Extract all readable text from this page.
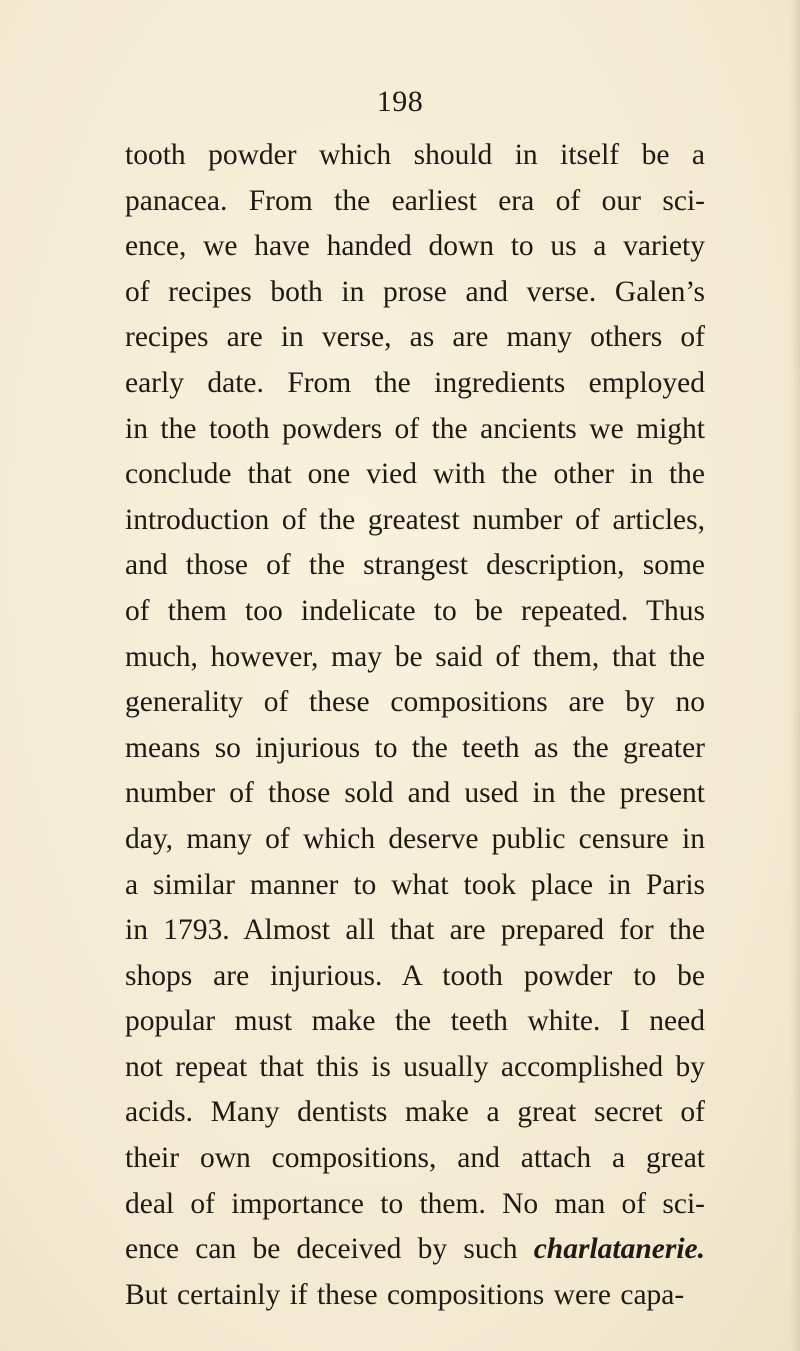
198
tooth powder which should in itself be a
panacea. From the earliest era of our sci-
ence, we have handed down to us a variety
of recipes both in prose and verse. Galen’s
recipes are in verse, as are many others of
early date. From the ingredients employed
in the tooth powders of the ancients we might
conclude that one vied with the other in the
introduction of the greatest number of articles,
and those of the strangest description, some
of them too indelicate to be repeated. Thus
much, however, may be said of them, that the
generality of these compositions are by no
means so injurious to the teeth as the greater
number of those sold and used in the present
day, many of which deserve public censure in
a similar manner to what took place in Paris
in 1793. Almost all that are prepared for the
shops are injurious. A tooth powder to be
popular must make the teeth white. I need
not repeat that this is usually accomplished by
acids. Many dentists make a great secret of
their own compositions, and attach a great
deal of importance to them. No man of sci-
ence can be deceived by such charlatanerie.
But certainly if these compositions were capa-
